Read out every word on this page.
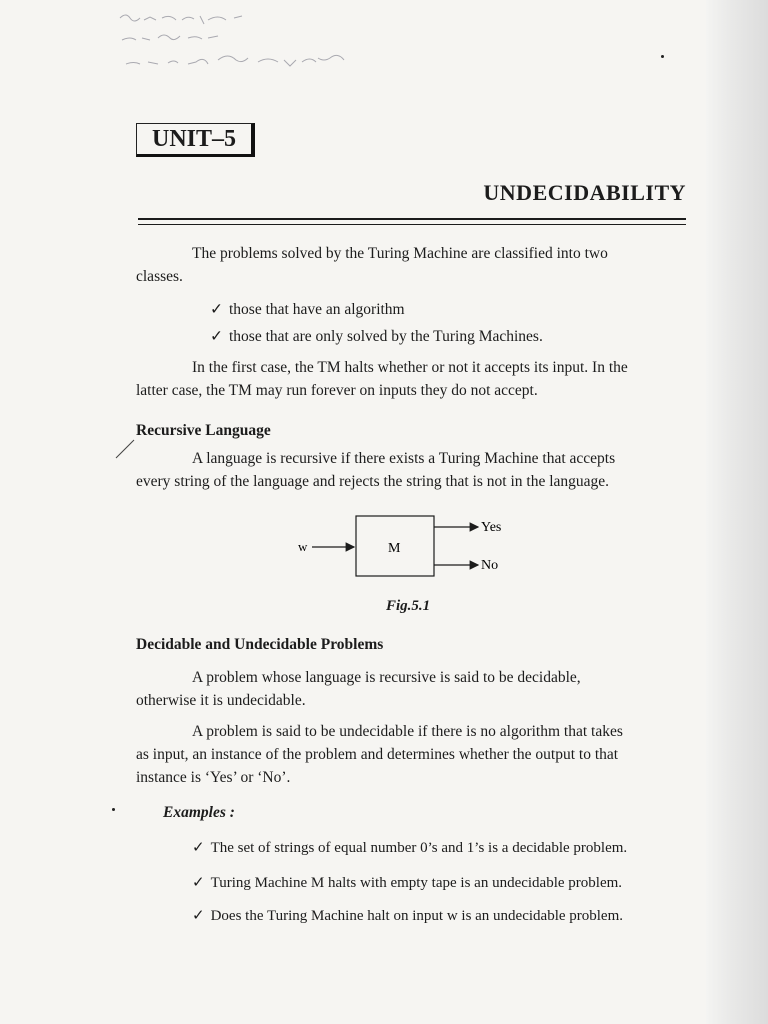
UNIT–5
UNDECIDABILITY

The problems solved by the Turing Machine are classified into two
classes.

✓ those that have an algorithm
✓ those that are only solved by the Turing Machines.

In the first case, the TM halts whether or not it accepts its input. In the
latter case, the TM may run forever on inputs they do not accept.

Recursive Language

A language is recursive if there exists a Turing Machine that accepts
every string of the language and rejects the string that is not in the language.

w	M
Yes
No
Fig.5.1
Decidable and Undecidable Problems

A problem whose language is recursive is said to be decidable,
otherwise it is undecidable.

A problem is said to be undecidable if there is no algorithm that takes
as input, an instance of the problem and determines whether the output to that
instance is ‘Yes’ or ‘No’.

Examples :
✓ The set of strings of equal number 0’s and 1’s is a decidable problem.
✓ Turing Machine M halts with empty tape is an undecidable problem.
✓ Does the Turing Machine halt on input w is an undecidable problem.
